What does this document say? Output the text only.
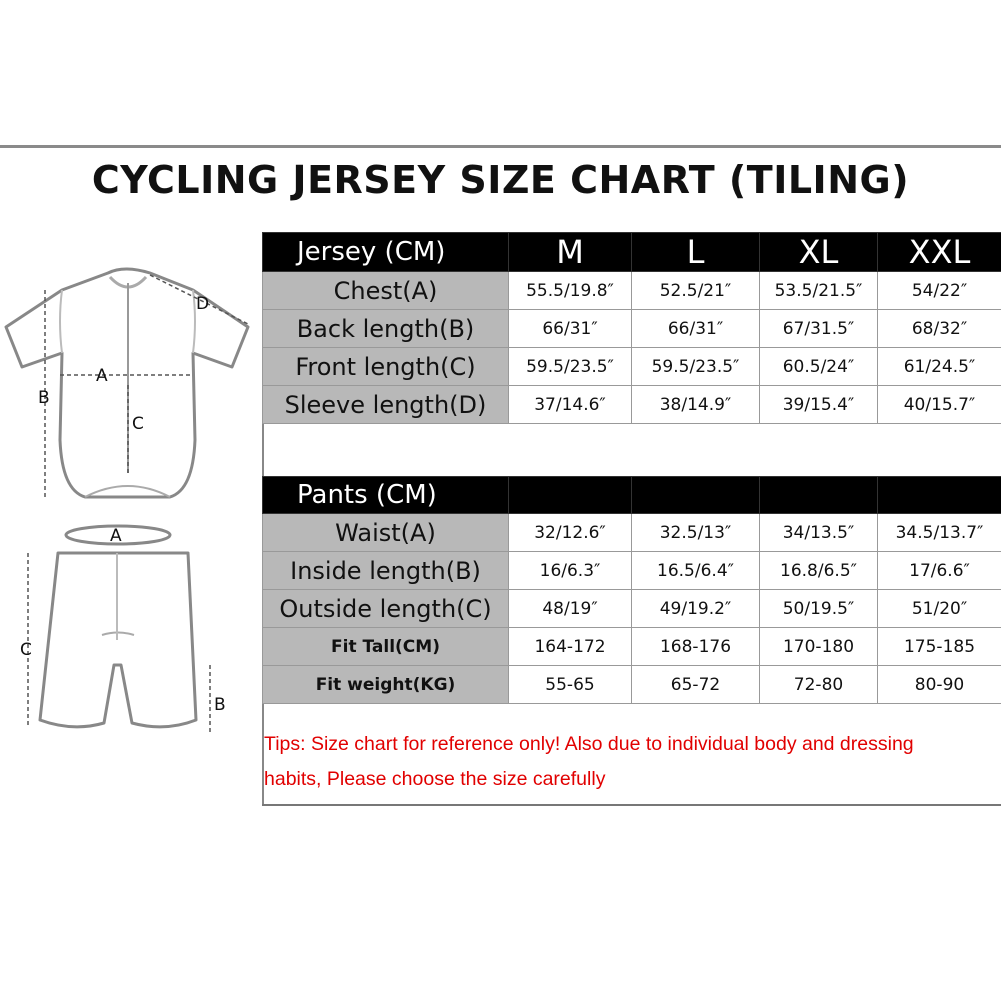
CYCLING JERSEY SIZE CHART (TILING)
A
B
C
D
A
B
C
Jersey (CM)	M	L	XL	XXL
Chest(A)	55.5/19.8″	52.5/21″	53.5/21.5″	54/22″
Back length(B)	66/31″	66/31″	67/31.5″	68/32″
Front length(C)	59.5/23.5″	59.5/23.5″	60.5/24″	61/24.5″
Sleeve length(D)	37/14.6″	38/14.9″	39/15.4″	40/15.7″
Pants (CM)				
Waist(A)	32/12.6″	32.5/13″	34/13.5″	34.5/13.7″
Inside length(B)	16/6.3″	16.5/6.4″	16.8/6.5″	17/6.6″
Outside length(C)	48/19″	49/19.2″	50/19.5″	51/20″
Fit Tall(CM)	164-172	168-176	170-180	175-185
Fit weight(KG)	55-65	65-72	72-80	80-90
Tips: Size chart for reference only! Also due to individual body and dressing
habits, Please choose the size carefully
